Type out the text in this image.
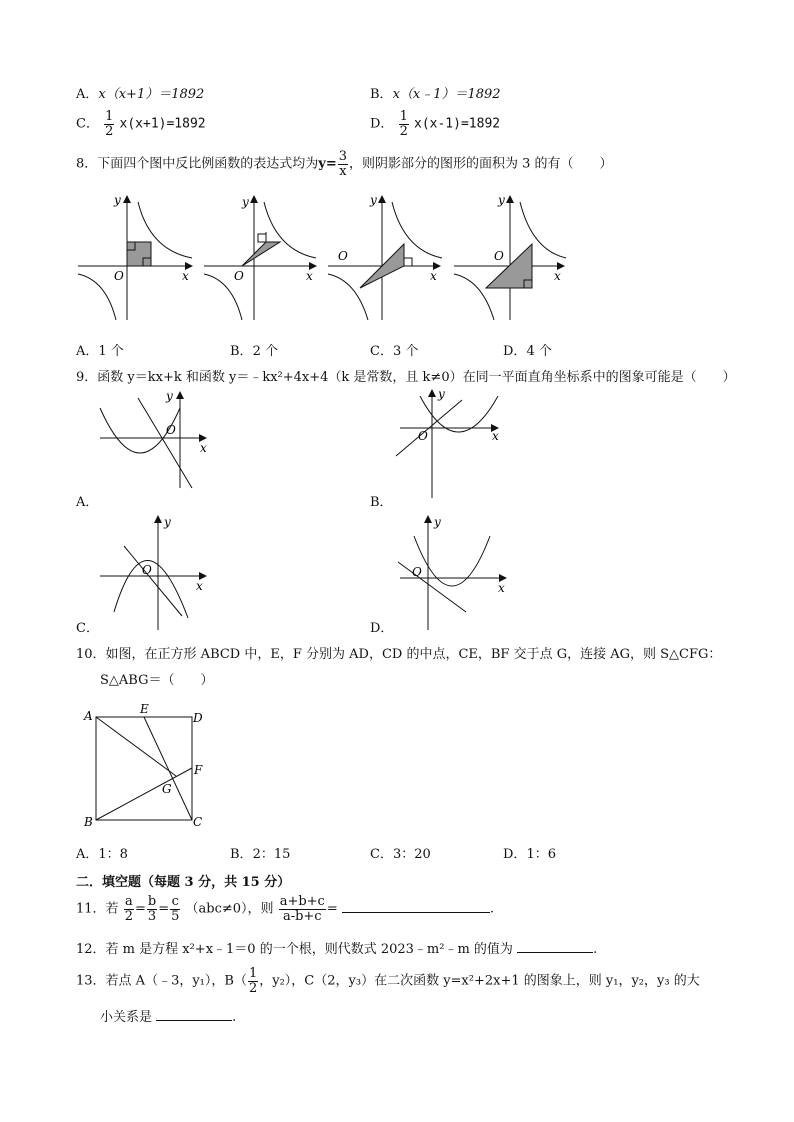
A．x（x+1）＝1892	B．x（x﹣1）＝1892
C． $\frac{1}{2} x(x+1)=1892$	D． $\frac{1}{2} x(x-1)=1892$
8．下面四个图中反比例函数的表达式均为$y= \frac{3}{x}$ ，则阴影部分的图形的面积为 3 的有（　　）
O	x
y
O	x
y
O
x
y
O
x
y
A．1 个	B．2 个	C．3 个	D．4 个
9．函数 y＝kx+k 和函数 y＝﹣kx²+4x+4（k 是常数，且 k≠0）在同一平面直角坐标系中的图象可能是（　　）
O
x
y
O	x
y
O
x
y
O
x
y
A．	B．
C．	D．
10．如图，在正方形 ABCD 中，E，F 分别为 AD，CD 的中点，CE，BF 交于点 G，连接 AG，则 S△CFG：
S△ABG＝（　　）
A
B	C
D
E
F
G
A．1：8	B．2：15	C．3：20	D．1：6
二．填空题（每题 3 分，共 15 分）
11．若 $\frac{a}{2} = \frac{b}{3} = \frac{c}{5} (abc\ne 0)$，则 $\frac{a+b+c}{a-b+c}$ =	.
12．若 m 是方程 x²+x﹣1＝0 的一个根，则代数式 2023﹣m²﹣m 的值为	.
13．若点 A（﹣3，y₁），$B( \frac{1}{2}$ ，y₂），C（2，y₃）在二次函数 y=x²+2x+1 的图象上，则 y₁，y₂，y₃ 的大
小关系是	.
